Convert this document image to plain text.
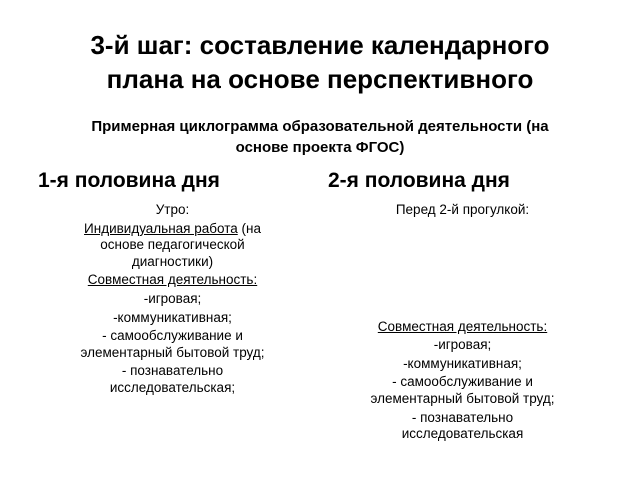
3-й шаг: составление календарного
плана на основе перспективного
Примерная циклограмма образовательной деятельности (на
основе проекта ФГОС)
1-я половина дня	2-я половина дня
Утро:
Индивидуальная работа (на
основе педагогической
диагностики)
Совместная деятельность:
-игровая;
-коммуникативная;
- самообслуживание и
элементарный бытовой труд;
- познавательно
исследовательская;
Перед 2-й прогулкой:
Совместная деятельность:
-игровая;
-коммуникативная;
- самообслуживание и
элементарный бытовой труд;
- познавательно
исследовательская
